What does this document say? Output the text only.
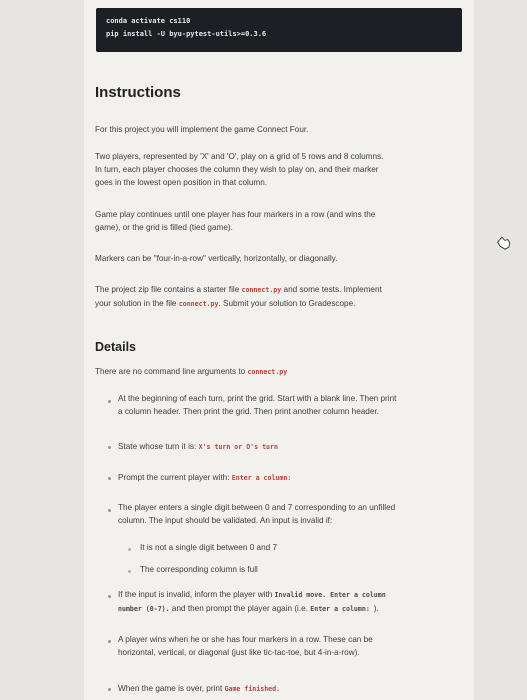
conda activate cs110
pip install -U byu-pytest-utils>=0.3.6
Instructions
For this project you will implement the game Connect Four.
Two players, represented by 'X' and 'O', play on a grid of 5 rows and 8 columns.
In turn, each player chooses the column they wish to play on, and their marker
goes in the lowest open position in that column.
Game play continues until one player has four markers in a row (and wins the
game), or the grid is filled (tied game).
Markers can be "four-in-a-row" vertically, horizontally, or diagonally.
The project zip file contains a starter file connect.py and some tests. Implement
your solution in the file connect.py. Submit your solution to Gradescope.
Details
There are no command line arguments to connect.py
At the beginning of each turn, print the grid. Start with a blank line. Then print
a column header. Then print the grid. Then print another column header.
State whose turn it is: X's turn or O's turn
Prompt the current player with: Enter a column:
The player enters a single digit between 0 and 7 corresponding to an unfilled
column. The input should be validated. An input is invalid if:
It is not a single digit between 0 and 7
The corresponding column is full
If the input is invalid, inform the player with Invalid move. Enter a column
number (0-7). and then prompt the player again (i.e. Enter a column: ).
A player wins when he or she has four markers in a row. These can be
horizontal, vertical, or diagonal (just like tic-tac-toe, but 4-in-a-row).
When the game is over, print Game finished.
